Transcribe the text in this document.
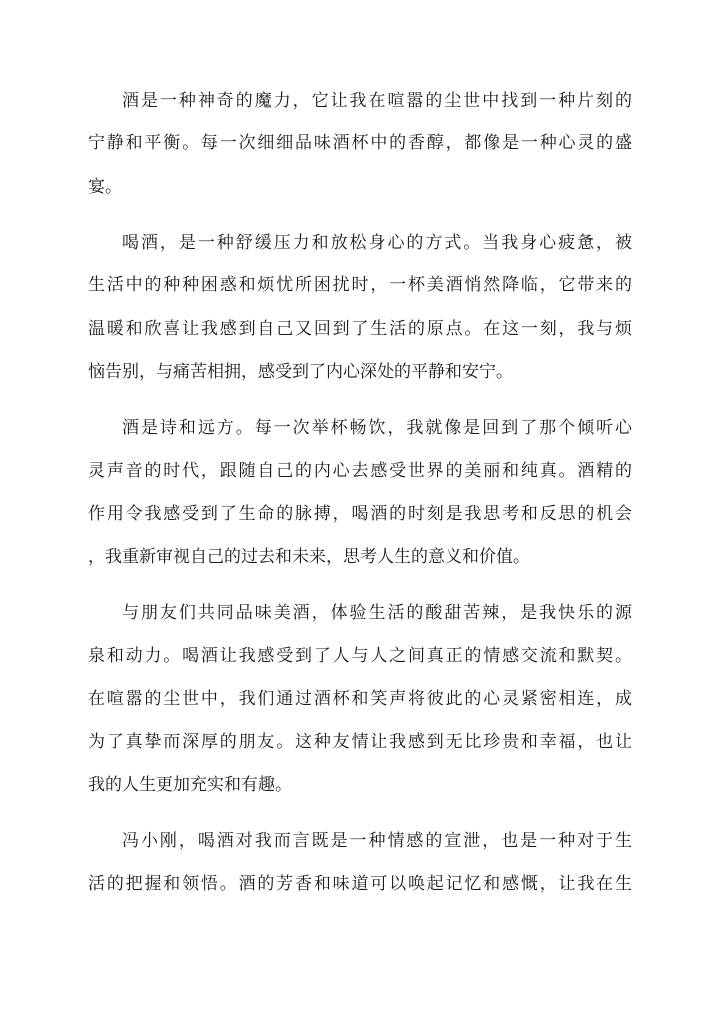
酒是一种神奇的魔力，它让我在喧嚣的尘世中找到一种片刻的
宁静和平衡。每一次细细品味酒杯中的香醇，都像是一种心灵的盛
宴。
喝酒，是一种舒缓压力和放松身心的方式。当我身心疲惫，被
生活中的种种困惑和烦忧所困扰时，一杯美酒悄然降临，它带来的
温暖和欣喜让我感到自己又回到了生活的原点。在这一刻，我与烦
恼告别，与痛苦相拥，感受到了内心深处的平静和安宁。
酒是诗和远方。每一次举杯畅饮，我就像是回到了那个倾听心
灵声音的时代，跟随自己的内心去感受世界的美丽和纯真。酒精的
作用令我感受到了生命的脉搏，喝酒的时刻是我思考和反思的机会
，我重新审视自己的过去和未来，思考人生的意义和价值。
与朋友们共同品味美酒，体验生活的酸甜苦辣，是我快乐的源
泉和动力。喝酒让我感受到了人与人之间真正的情感交流和默契。
在喧嚣的尘世中，我们通过酒杯和笑声将彼此的心灵紧密相连，成
为了真挚而深厚的朋友。这种友情让我感到无比珍贵和幸福，也让
我的人生更加充实和有趣。
冯小刚，喝酒对我而言既是一种情感的宣泄，也是一种对于生
活的把握和领悟。酒的芳香和味道可以唤起记忆和感慨，让我在生
